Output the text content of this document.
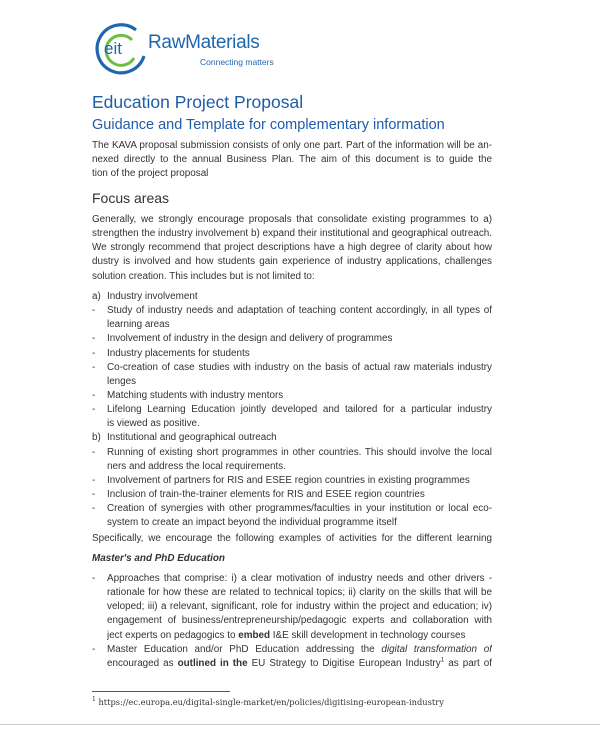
eit RawMaterials
Connecting matters
Education Project Proposal
Guidance and Template for complementary information
The KAVA proposal submission consists of only one part. Part of the information will be an-
nexed directly to the annual Business Plan. The aim of this document is to guide the
tion of the project proposal
Focus areas
Generally, we strongly encourage proposals that consolidate existing programmes to a)
strengthen the industry involvement b) expand their institutional and geographical outreach.
We strongly recommend that project descriptions have a high degree of clarity about how
dustry is involved and how students gain experience of industry applications, challenges
solution creation. This includes but is not limited to:
a) Industry involvement
-	Study of industry needs and adaptation of teaching content accordingly, in all types of
learning areas
-	Involvement of industry in the design and delivery of programmes
-	Industry placements for students
-	Co-creation of case studies with industry on the basis of actual raw materials industry
lenges
-	Matching students with industry mentors
-	Lifelong Learning Education jointly developed and tailored for a particular industry
is viewed as positive.
b) Institutional and geographical outreach
-	Running of existing short programmes in other countries. This should involve the local
ners and address the local requirements.
-	Involvement of partners for RIS and ESEE region countries in existing programmes
-	Inclusion of train-the-trainer elements for RIS and ESEE region countries
-	Creation of synergies with other programmes/faculties in your institution or local eco-
system to create an impact beyond the individual programme itself
Specifically, we encourage the following examples of activities for the different learning
Master's and PhD Education
-	Approaches that comprise: i) a clear motivation of industry needs and other drivers -
rationale for how these are related to technical topics; ii) clarity on the skills that will be
veloped; iii) a relevant, significant, role for industry within the project and education; iv)
engagement of business/entrepreneurship/pedagogic experts and collaboration with
ject experts on pedagogics to embed I&E skill development in technology courses
-	Master Education and/or PhD Education addressing the digital transformation of
encouraged as outlined in the EU Strategy to Digitise European Industry$^1$ as part of
$^1$ https://ec.europa.eu/digital-single-market/en/policies/digitising-european-industry
